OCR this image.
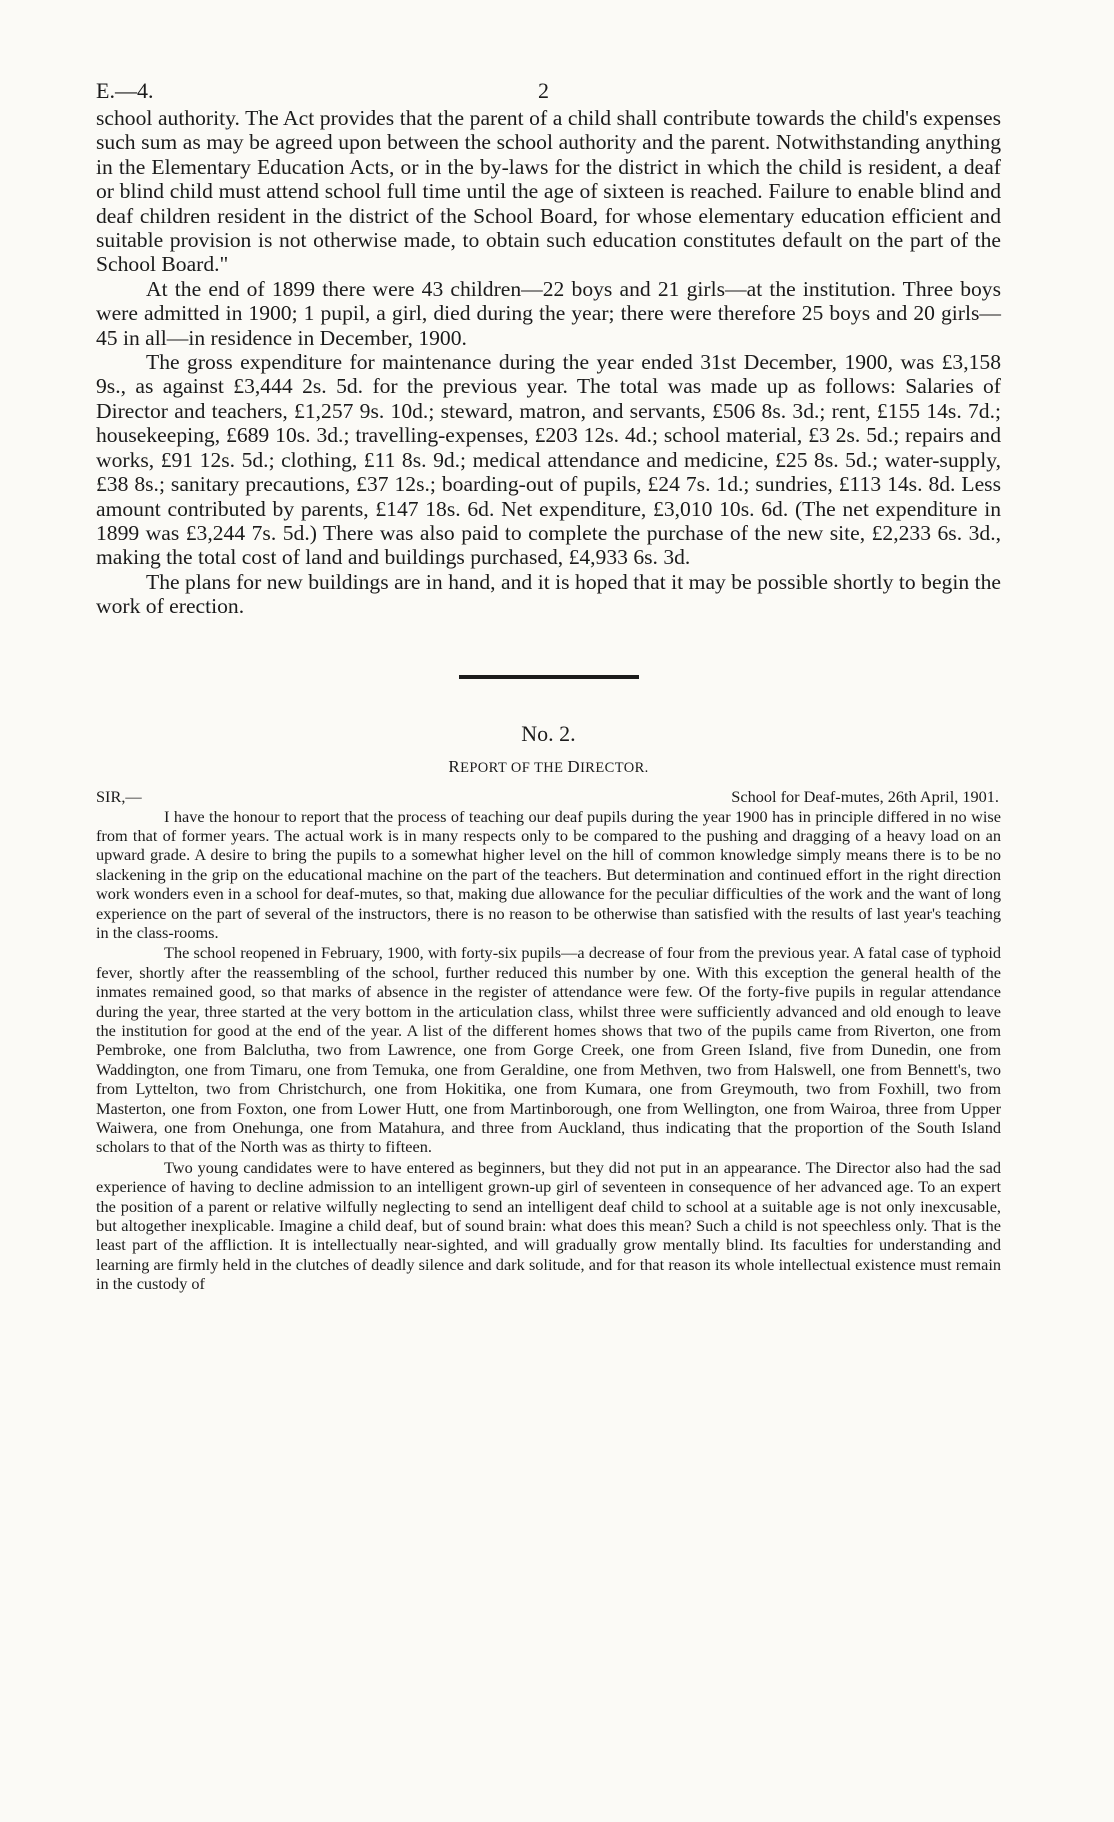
E.—4.	2

school authority. The Act provides that the parent of a child shall contribute towards the child's expenses such sum as may be agreed upon between the school authority and the parent. Notwithstanding anything in the Elementary Education Acts, or in the by-laws for the district in which the child is resident, a deaf or blind child must attend school full time until the age of sixteen is reached. Failure to enable blind and deaf children resident in the district of the School Board, for whose elementary education efficient and suitable provision is not otherwise made, to obtain such education constitutes default on the part of the School Board."

At the end of 1899 there were 43 children—22 boys and 21 girls—at the institution. Three boys were admitted in 1900; 1 pupil, a girl, died during the year; there were therefore 25 boys and 20 girls—45 in all—in residence in December, 1900.

The gross expenditure for maintenance during the year ended 31st December, 1900, was £3,158 9s., as against £3,444 2s. 5d. for the previous year. The total was made up as follows: Salaries of Director and teachers, £1,257 9s. 10d.; steward, matron, and servants, £506 8s. 3d.; rent, £155 14s. 7d.; housekeeping, £689 10s. 3d.; travelling-expenses, £203 12s. 4d.; school material, £3 2s. 5d.; repairs and works, £91 12s. 5d.; clothing, £11 8s. 9d.; medical attendance and medicine, £25 8s. 5d.; water-supply, £38 8s.; sanitary precautions, £37 12s.; boarding-out of pupils, £24 7s. 1d.; sundries, £113 14s. 8d. Less amount contributed by parents, £147 18s. 6d. Net expenditure, £3,010 10s. 6d. (The net expenditure in 1899 was £3,244 7s. 5d.) There was also paid to complete the purchase of the new site, £2,233 6s. 3d., making the total cost of land and buildings purchased, £4,933 6s. 3d.

The plans for new buildings are in hand, and it is hoped that it may be possible shortly to begin the work of erection.

No. 2.
REPORT OF THE DIRECTOR.
SIR,—	School for Deaf-mutes, 26th April, 1901.

I have the honour to report that the process of teaching our deaf pupils during the year 1900 has in principle differed in no wise from that of former years. The actual work is in many respects only to be compared to the pushing and dragging of a heavy load on an upward grade. A desire to bring the pupils to a somewhat higher level on the hill of common knowledge simply means there is to be no slackening in the grip on the educational machine on the part of the teachers. But determination and continued effort in the right direction work wonders even in a school for deaf-mutes, so that, making due allowance for the peculiar difficulties of the work and the want of long experience on the part of several of the instructors, there is no reason to be otherwise than satisfied with the results of last year's teaching in the class-rooms.

The school reopened in February, 1900, with forty-six pupils—a decrease of four from the previous year. A fatal case of typhoid fever, shortly after the reassembling of the school, further reduced this number by one. With this exception the general health of the inmates remained good, so that marks of absence in the register of attendance were few. Of the forty-five pupils in regular attendance during the year, three started at the very bottom in the articulation class, whilst three were sufficiently advanced and old enough to leave the institution for good at the end of the year. A list of the different homes shows that two of the pupils came from Riverton, one from Pembroke, one from Balclutha, two from Lawrence, one from Gorge Creek, one from Green Island, five from Dunedin, one from Waddington, one from Timaru, one from Temuka, one from Geraldine, one from Methven, two from Halswell, one from Bennett's, two from Lyttelton, two from Christchurch, one from Hokitika, one from Kumara, one from Greymouth, two from Foxhill, two from Masterton, one from Foxton, one from Lower Hutt, one from Martinborough, one from Wellington, one from Wairoa, three from Upper Waiwera, one from Onehunga, one from Matahura, and three from Auckland, thus indicating that the proportion of the South Island scholars to that of the North was as thirty to fifteen.

Two young candidates were to have entered as beginners, but they did not put in an appearance. The Director also had the sad experience of having to decline admission to an intelligent grown-up girl of seventeen in consequence of her advanced age. To an expert the position of a parent or relative wilfully neglecting to send an intelligent deaf child to school at a suitable age is not only inexcusable, but altogether inexplicable. Imagine a child deaf, but of sound brain: what does this mean? Such a child is not speechless only. That is the least part of the affliction. It is intellectually near-sighted, and will gradually grow mentally blind. Its faculties for understanding and learning are firmly held in the clutches of deadly silence and dark solitude, and for that reason its whole intellectual existence must remain in the custody of
